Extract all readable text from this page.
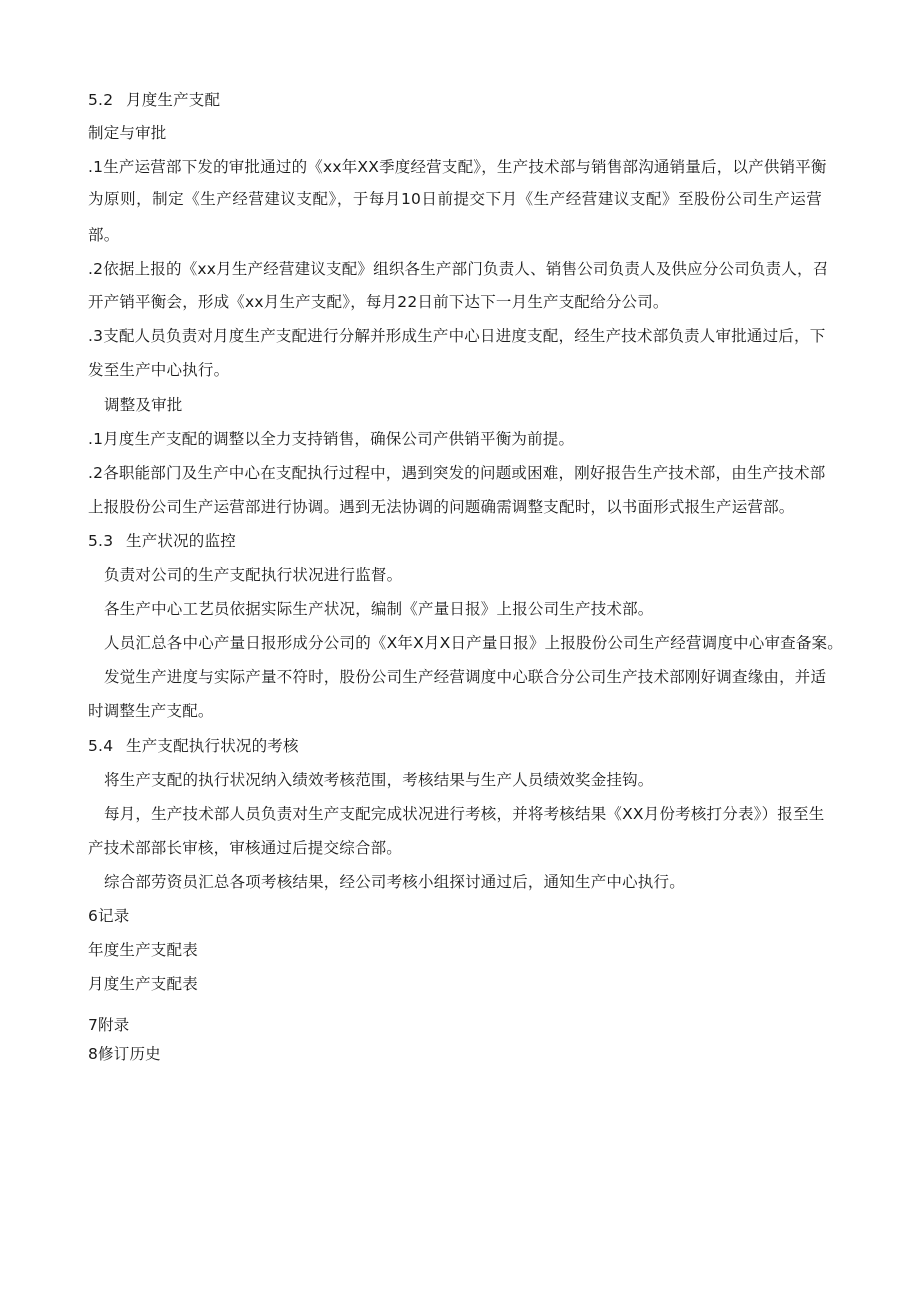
5.2 月度生产支配
制定与审批
.1生产运营部下发的审批通过的《xx年XX季度经营支配》，生产技术部与销售部沟通销量后，以产供销平衡
为原则，制定《生产经营建议支配》，于每月10日前提交下月《生产经营建议支配》至股份公司生产运营
部。
.2依据上报的《xx月生产经营建议支配》组织各生产部门负责人、销售公司负责人及供应分公司负责人，召
开产销平衡会，形成《xx月生产支配》，每月22日前下达下一月生产支配给分公司。
.3支配人员负责对月度生产支配进行分解并形成生产中心日进度支配，经生产技术部负责人审批通过后，下
发至生产中心执行。
调整及审批
.1月度生产支配的调整以全力支持销售，确保公司产供销平衡为前提。
.2各职能部门及生产中心在支配执行过程中，遇到突发的问题或困难，刚好报告生产技术部，由生产技术部
上报股份公司生产运营部进行协调。遇到无法协调的问题确需调整支配时，以书面形式报生产运营部。
5.3 生产状况的监控
负责对公司的生产支配执行状况进行监督。
各生产中心工艺员依据实际生产状况，编制《产量日报》上报公司生产技术部。
人员汇总各中心产量日报形成分公司的《X年X月X日产量日报》上报股份公司生产经营调度中心审查备案。
发觉生产进度与实际产量不符时，股份公司生产经营调度中心联合分公司生产技术部刚好调查缘由，并适
时调整生产支配。
5.4 生产支配执行状况的考核
将生产支配的执行状况纳入绩效考核范围，考核结果与生产人员绩效奖金挂钩。
每月，生产技术部人员负责对生产支配完成状况进行考核，并将考核结果《XX月份考核打分表》）报至生
产技术部部长审核，审核通过后提交综合部。
综合部劳资员汇总各项考核结果，经公司考核小组探讨通过后，通知生产中心执行。
6记录
年度生产支配表
月度生产支配表
7附录
8修订历史
